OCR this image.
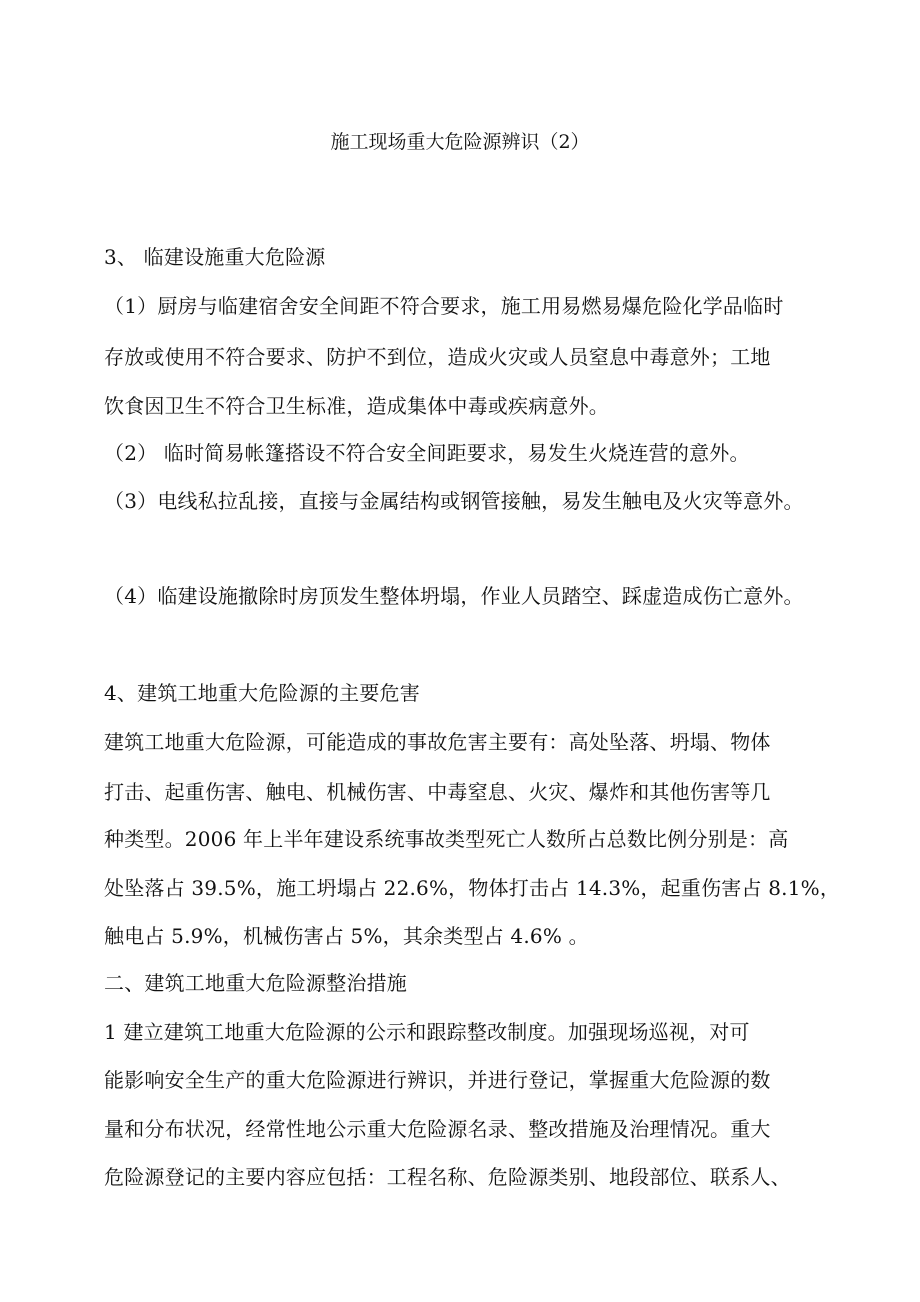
施工现场重大危险源辨识（2）
3、 临建设施重大危险源
（1）厨房与临建宿舍安全间距不符合要求，施工用易燃易爆危险化学品临时
存放或使用不符合要求、防护不到位，造成火灾或人员窒息中毒意外；工地
饮食因卫生不符合卫生标准，造成集体中毒或疾病意外。
（2） 临时简易帐篷搭设不符合安全间距要求，易发生火烧连营的意外。
（3）电线私拉乱接，直接与金属结构或钢管接触，易发生触电及火灾等意外。
（4）临建设施撤除时房顶发生整体坍塌，作业人员踏空、踩虚造成伤亡意外。
4、建筑工地重大危险源的主要危害
建筑工地重大危险源，可能造成的事故危害主要有：高处坠落、坍塌、物体
打击、起重伤害、触电、机械伤害、中毒窒息、火灾、爆炸和其他伤害等几
种类型。2006 年上半年建设系统事故类型死亡人数所占总数比例分别是：高
处坠落占 39.5%，施工坍塌占 22.6%，物体打击占 14.3%，起重伤害占 8.1%，
触电占 5.9%，机械伤害占 5%，其余类型占 4.6% 。
二、建筑工地重大危险源整治措施
1 建立建筑工地重大危险源的公示和跟踪整改制度。加强现场巡视，对可
能影响安全生产的重大危险源进行辨识，并进行登记，掌握重大危险源的数
量和分布状况，经常性地公示重大危险源名录、整改措施及治理情况。重大
危险源登记的主要内容应包括：工程名称、危险源类别、地段部位、联系人、
